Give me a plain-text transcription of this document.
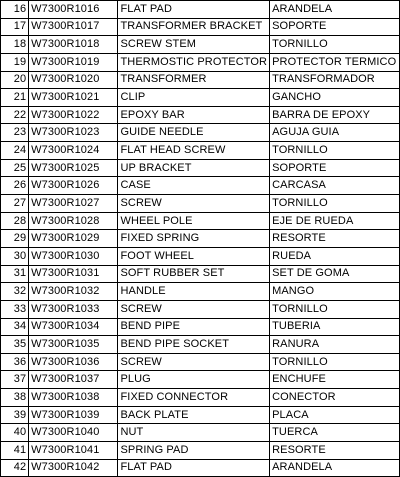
16	W7300R1016	FLAT PAD	ARANDELA
17	W7300R1017	TRANSFORMER BRACKET	SOPORTE
18	W7300R1018	SCREW STEM	TORNILLO
19	W7300R1019	THERMOSTIC PROTECTOR	PROTECTOR TERMICO
20	W7300R1020	TRANSFORMER	TRANSFORMADOR
21	W7300R1021	CLIP	GANCHO
22	W7300R1022	EPOXY BAR	BARRA DE EPOXY
23	W7300R1023	GUIDE NEEDLE	AGUJA GUIA
24	W7300R1024	FLAT HEAD SCREW	TORNILLO
25	W7300R1025	UP BRACKET	SOPORTE
26	W7300R1026	CASE	CARCASA
27	W7300R1027	SCREW	TORNILLO
28	W7300R1028	WHEEL POLE	EJE DE RUEDA
29	W7300R1029	FIXED SPRING	RESORTE
30	W7300R1030	FOOT WHEEL	RUEDA
31	W7300R1031	SOFT RUBBER SET	SET DE GOMA
32	W7300R1032	HANDLE	MANGO
33	W7300R1033	SCREW	TORNILLO
34	W7300R1034	BEND PIPE	TUBERIA
35	W7300R1035	BEND PIPE SOCKET	RANURA
36	W7300R1036	SCREW	TORNILLO
37	W7300R1037	PLUG	ENCHUFE
38	W7300R1038	FIXED CONNECTOR	CONECTOR
39	W7300R1039	BACK PLATE	PLACA
40	W7300R1040	NUT	TUERCA
41	W7300R1041	SPRING PAD	RESORTE
42	W7300R1042	FLAT PAD	ARANDELA
